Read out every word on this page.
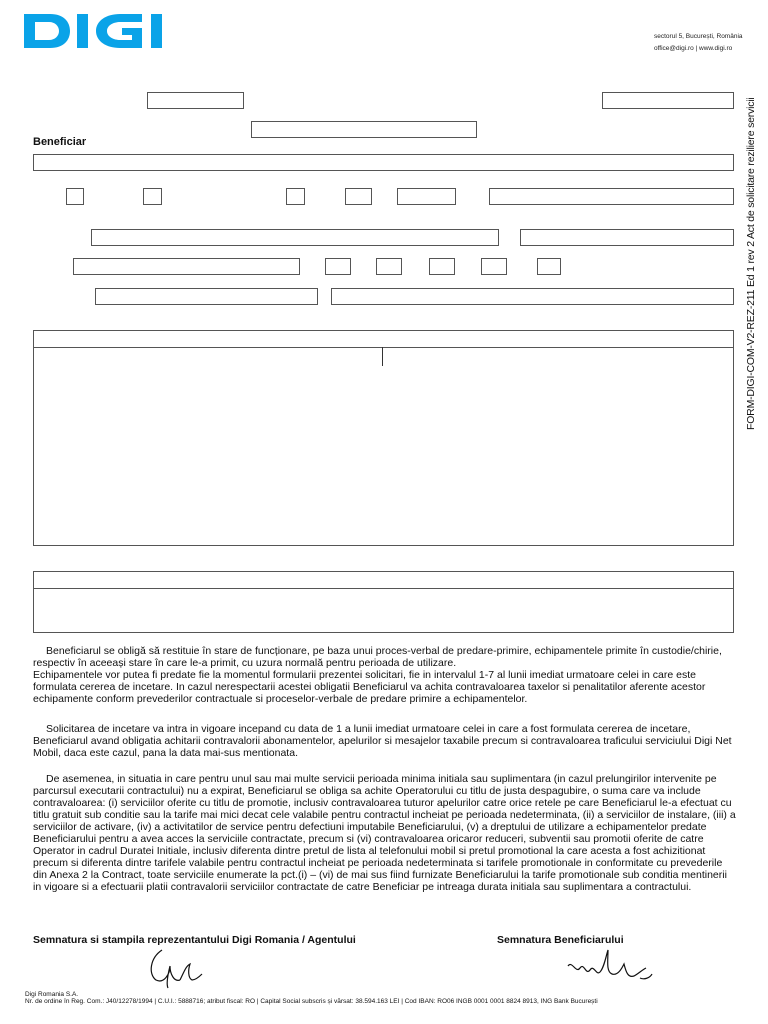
sectorul 5, București, România
office@digi.ro | www.digi.ro
Beneficiar	FORM-DIGI-COM-V2-REZ-211 Ed 1 rev 2 Act de solicitare reziliere servicii
Beneficiarul se obligă să restituie în stare de funcționare, pe baza unui proces-verbal de predare-primire, echipamentele primite în custodie/chirie, respectiv în aceeași stare în care le-a primit, cu uzura normală pentru perioada de utilizare.
Echipamentele vor putea fi predate fie la momentul formularii prezentei solicitari, fie in intervalul 1-7 al lunii imediat urmatoare celei in care este formulata cererea de incetare. In cazul nerespectarii acestei obligatii Beneficiarul va achita contravaloarea taxelor si penalitatilor aferente acestor echipamente conform prevederilor contractuale si proceselor-verbale de predare primire a echipamentelor.
Solicitarea de incetare va intra in vigoare incepand cu data de 1 a lunii imediat urmatoare celei in care a fost formulata cererea de incetare, Beneficiarul avand obligatia achitarii contravalorii abonamentelor, apelurilor si mesajelor taxabile precum si contravaloarea traficului serviciului Digi Net Mobil, daca este cazul, pana la data mai-sus mentionata.
De asemenea, in situatia in care pentru unul sau mai multe servicii perioada minima initiala sau suplimentara (in cazul prelungirilor intervenite pe parcursul executarii contractului) nu a expirat, Beneficiarul se obliga sa achite Operatorului cu titlu de justa despagubire, o suma care va include contravaloarea: (i) serviciilor oferite cu titlu de promotie, inclusiv contravaloarea tuturor apelurilor catre orice retele pe care Beneficiarul le-a efectuat cu titlu gratuit sub conditie sau la tarife mai mici decat cele valabile pentru contractul incheiat pe perioada nedeterminata, (ii) a serviciilor de instalare, (iii) a serviciilor de activare, (iv) a activitatilor de service pentru defectiuni imputabile Beneficiarului, (v) a dreptului de utilizare a echipamentelor predate Beneficiarului pentru a avea acces la serviciile contractate, precum si (vi) contravaloarea oricaror reduceri, subventii sau promotii oferite de catre Operator in cadrul Duratei Initiale, inclusiv diferenta dintre pretul de lista al telefonului mobil si pretul promotional la care acesta a fost achizitionat precum si diferenta dintre tarifele valabile pentru contractul incheiat pe perioada nedeterminata si tarifele promotionale in conformitate cu prevederile din Anexa 2 la Contract, toate serviciile enumerate la pct.(i) – (vi) de mai sus fiind furnizate Beneficiarului la tarife promotionale sub conditia mentinerii in vigoare si a efectuarii platii contravalorii serviciilor contractate de catre Beneficiar pe intreaga durata initiala sau suplimentara a contractului.
Semnatura si stampila reprezentantului Digi Romania / Agentului	Semnatura Beneficiarului
Digi Romania S.A.
Nr. de ordine în Reg. Com.: J40/12278/1994 | C.U.I.: 5888716; atribut fiscal: RO | Capital Social subscris și vărsat: 38.594.163 LEI | Cod IBAN: RO06 INGB 0001 0001 8824 8913, ING Bank București
